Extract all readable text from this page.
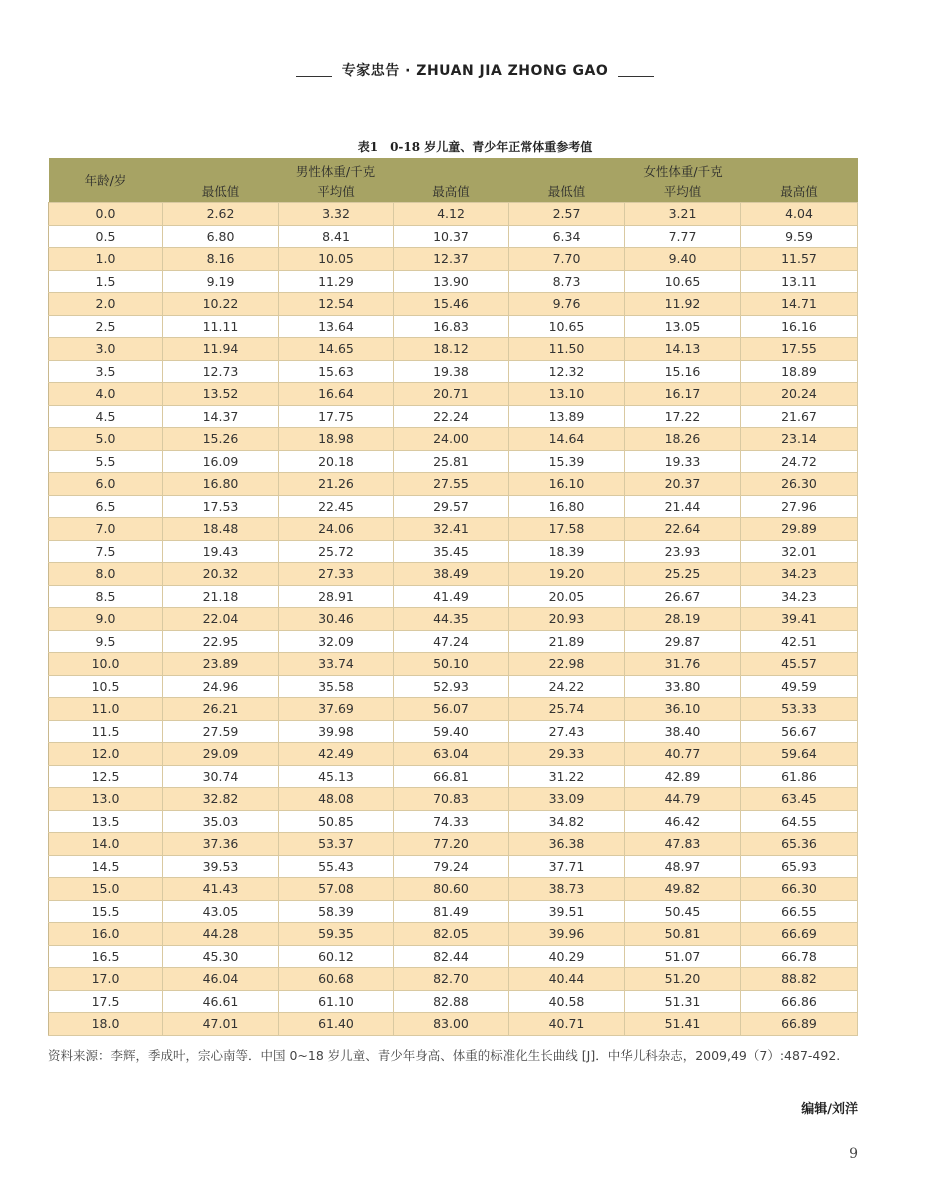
专家忠告 · ZHUAN JIA ZHONG GAO
表1　0-18 岁儿童、青少年正常体重参考值
年龄/岁	男性体重/千克			女性体重/千克		
	最低值	平均值	最高值	最低值	平均值	最高值
0.0	2.62	3.32	4.12	2.57	3.21	4.04
0.5	6.80	8.41	10.37	6.34	7.77	9.59
1.0	8.16	10.05	12.37	7.70	9.40	11.57
1.5	9.19	11.29	13.90	8.73	10.65	13.11
2.0	10.22	12.54	15.46	9.76	11.92	14.71
2.5	11.11	13.64	16.83	10.65	13.05	16.16
3.0	11.94	14.65	18.12	11.50	14.13	17.55
3.5	12.73	15.63	19.38	12.32	15.16	18.89
4.0	13.52	16.64	20.71	13.10	16.17	20.24
4.5	14.37	17.75	22.24	13.89	17.22	21.67
5.0	15.26	18.98	24.00	14.64	18.26	23.14
5.5	16.09	20.18	25.81	15.39	19.33	24.72
6.0	16.80	21.26	27.55	16.10	20.37	26.30
6.5	17.53	22.45	29.57	16.80	21.44	27.96
7.0	18.48	24.06	32.41	17.58	22.64	29.89
7.5	19.43	25.72	35.45	18.39	23.93	32.01
8.0	20.32	27.33	38.49	19.20	25.25	34.23
8.5	21.18	28.91	41.49	20.05	26.67	34.23
9.0	22.04	30.46	44.35	20.93	28.19	39.41
9.5	22.95	32.09	47.24	21.89	29.87	42.51
10.0	23.89	33.74	50.10	22.98	31.76	45.57
10.5	24.96	35.58	52.93	24.22	33.80	49.59
11.0	26.21	37.69	56.07	25.74	36.10	53.33
11.5	27.59	39.98	59.40	27.43	38.40	56.67
12.0	29.09	42.49	63.04	29.33	40.77	59.64
12.5	30.74	45.13	66.81	31.22	42.89	61.86
13.0	32.82	48.08	70.83	33.09	44.79	63.45
13.5	35.03	50.85	74.33	34.82	46.42	64.55
14.0	37.36	53.37	77.20	36.38	47.83	65.36
14.5	39.53	55.43	79.24	37.71	48.97	65.93
15.0	41.43	57.08	80.60	38.73	49.82	66.30
15.5	43.05	58.39	81.49	39.51	50.45	66.55
16.0	44.28	59.35	82.05	39.96	50.81	66.69
16.5	45.30	60.12	82.44	40.29	51.07	66.78
17.0	46.04	60.68	82.70	40.44	51.20	88.82
17.5	46.61	61.10	82.88	40.58	51.31	66.86
18.0	47.01	61.40	83.00	40.71	51.41	66.89
资料来源：李辉，季成叶，宗心南等．中国 0~18 岁儿童、青少年身高、体重的标准化生长曲线 [J]．中华儿科杂志，2009,49（7）:487-492.
编辑/刘洋
9
